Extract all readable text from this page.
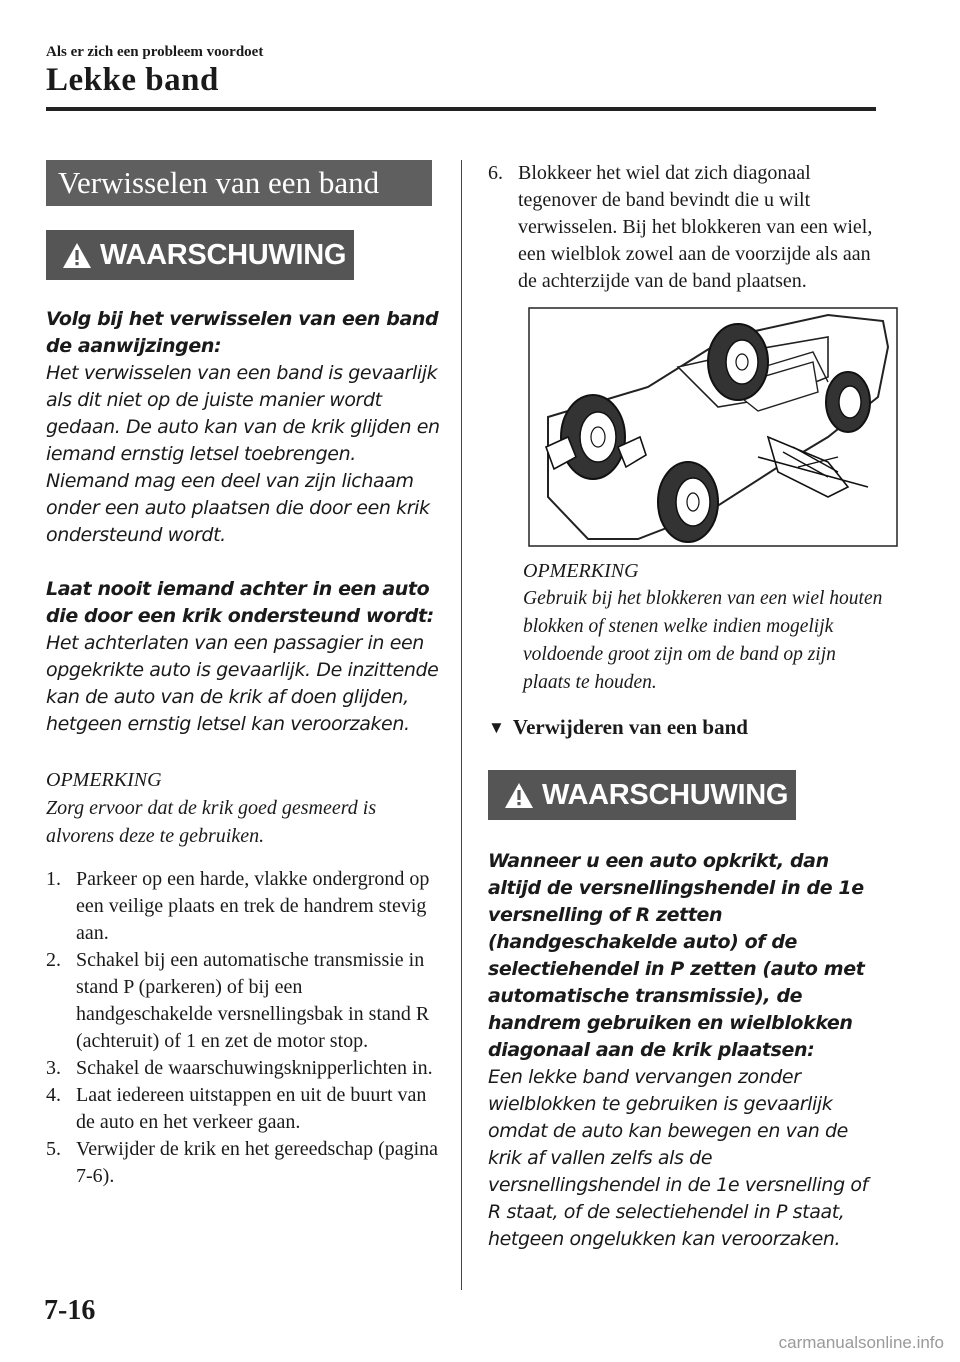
Als er zich een probleem voordoet
Lekke band
Verwisselen van een band
WAARSCHUWING

Volg bij het verwisselen van een band de aanwijzingen:

Het verwisselen van een band is gevaarlijk als dit niet op de juiste manier wordt gedaan. De auto kan van de krik glijden en iemand ernstig letsel toebrengen. Niemand mag een deel van zijn lichaam onder een auto plaatsen die door een krik ondersteund wordt.

Laat nooit iemand achter in een auto die door een krik ondersteund wordt:

Het achterlaten van een passagier in een opgekrikte auto is gevaarlijk. De inzittende kan de auto van de krik af doen glijden, hetgeen ernstig letsel kan veroorzaken.

OPMERKING
Zorg ervoor dat de krik goed gesmeerd is alvorens deze te gebruiken.
1. Parkeer op een harde, vlakke ondergrond op een veilige plaats en trek de handrem stevig aan.
2. Schakel bij een automatische transmissie in stand P (parkeren) of bij een handgeschakelde versnellingsbak in stand R (achteruit) of 1 en zet de motor stop.
3. Schakel de waarschuwingsknipperlichten in.
4. Laat iedereen uitstappen en uit de buurt van de auto en het verkeer gaan.
5. Verwijder de krik en het gereedschap (pagina 7-6).
6. Blokkeer het wiel dat zich diagonaal tegenover de band bevindt die u wilt verwisselen. Bij het blokkeren van een wiel, een wielblok zowel aan de voorzijde als aan de achterzijde van de band plaatsen.
OPMERKING
Gebruik bij het blokkeren van een wiel houten blokken of stenen welke indien mogelijk voldoende groot zijn om de band op zijn plaats te houden.
▼ Verwijderen van een band
WAARSCHUWING

Wanneer u een auto opkrikt, dan altijd de versnellingshendel in de 1e versnelling of R zetten (handgeschakelde auto) of de selectiehendel in P zetten (auto met automatische transmissie), de handrem gebruiken en wielblokken diagonaal aan de krik plaatsen:

Een lekke band vervangen zonder wielblokken te gebruiken is gevaarlijk omdat de auto kan bewegen en van de krik af vallen zelfs als de versnellingshendel in de 1e versnelling of R staat, of de selectiehendel in P staat, hetgeen ongelukken kan veroorzaken.

7-16
carmanualsonline.info
